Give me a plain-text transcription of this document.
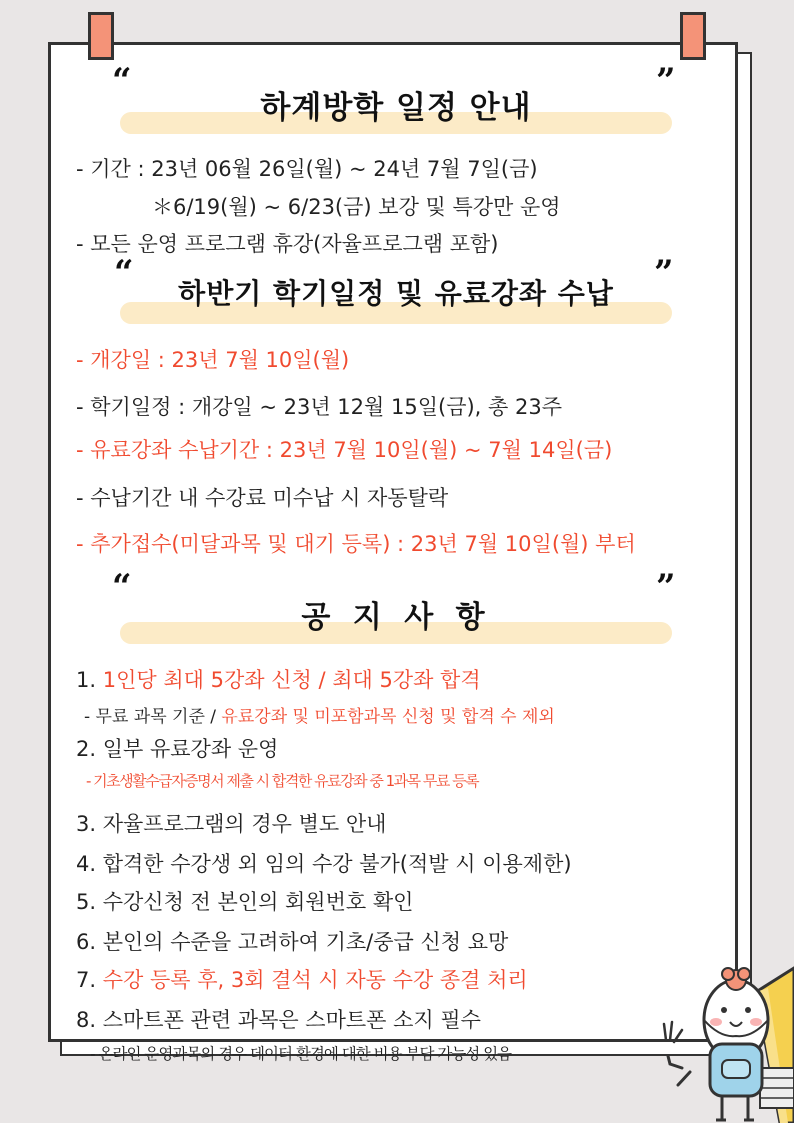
“	”
하계방학 일정 안내
- 기간 : 23년 06월 26일(월) ~ 24년 7월 7일(금)
＊6/19(월) ~ 6/23(금) 보강 및 특강만 운영
- 모든 운영 프로그램 휴강(자율프로그램 포함)
“	”
하반기 학기일정 및 유료강좌 수납
- 개강일 : 23년 7월 10일(월)
- 학기일정 : 개강일 ~ 23년 12월 15일(금), 총 23주
- 유료강좌 수납기간 : 23년 7월 10일(월) ~ 7월 14일(금)
- 수납기간 내 수강료 미수납 시 자동탈락
- 추가접수(미달과목 및 대기 등록) : 23년 7월 10일(월) 부터
“	”
공 지 사 항
1. 1인당 최대 5강좌 신청 / 최대 5강좌 합격
- 무료 과목 기준 / 유료강좌 및 미포함과목 신청 및 합격 수 제외
2. 일부 유료강좌 운영
- 기초생활수급자증명서 제출 시 합격한 유료강좌 중 1과목 무료 등록
3. 자율프로그램의 경우 별도 안내
4. 합격한 수강생 외 임의 수강 불가(적발 시 이용제한)
5. 수강신청 전 본인의 회원번호 확인
6. 본인의 수준을 고려하여 기초/중급 신청 요망
7. 수강 등록 후, 3회 결석 시 자동 수강 종결 처리
8. 스마트폰 관련 과목은 스마트폰 소지 필수
- 온라인 운영과목의 경우 데이터 환경에 대한 비용 부담 가능성 있음
